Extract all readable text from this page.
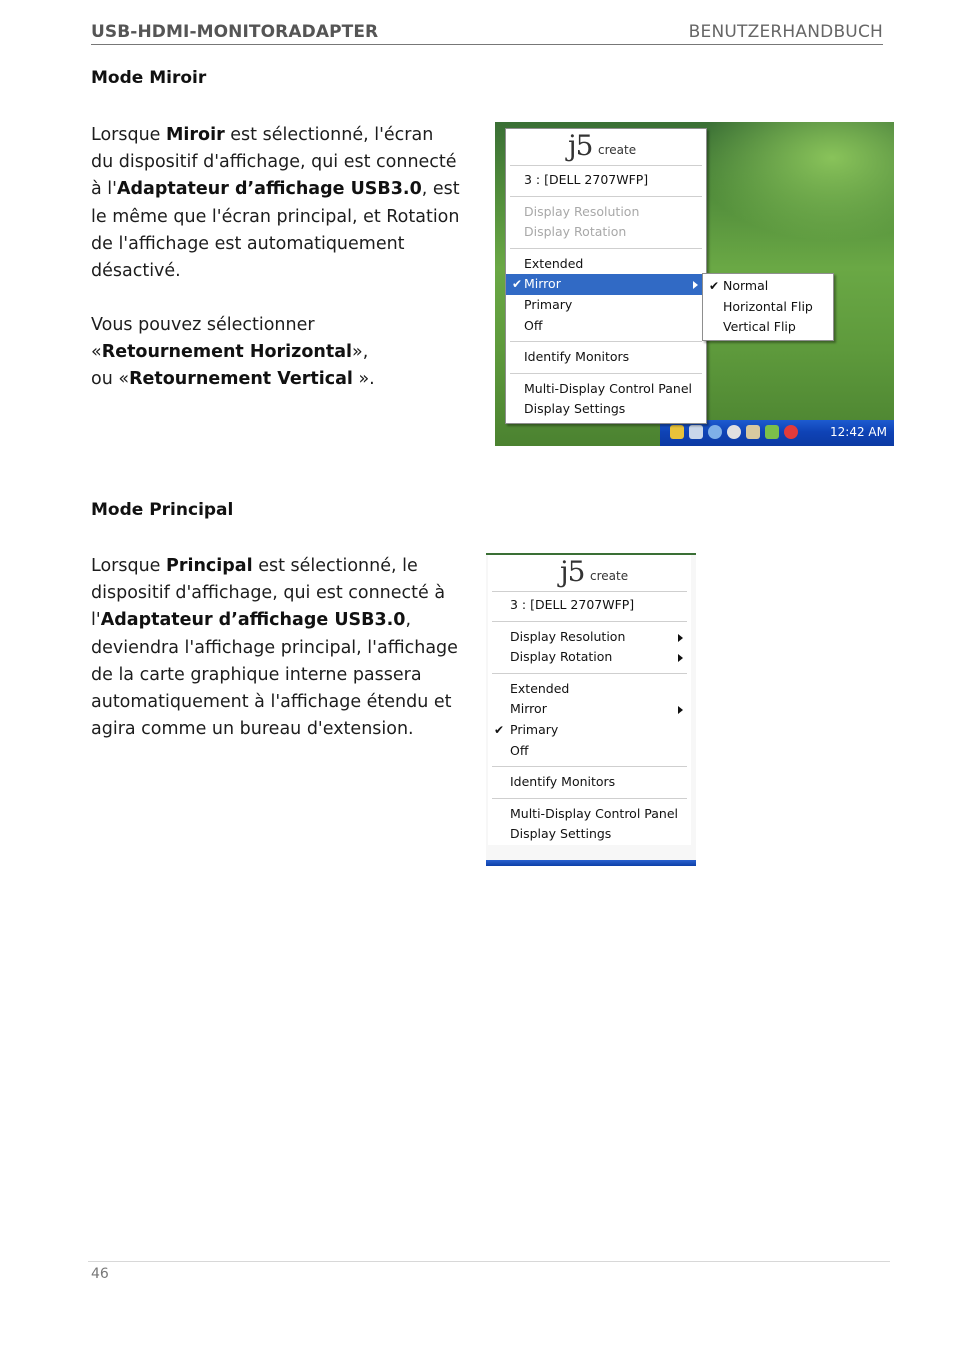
USB-HDMI-MONITORADAPTER	BENUTZERHANDBUCH
Mode Miroir

Lorsque Miroir est sélectionné, l'écran du dispositif d'affichage, qui est connecté à l'Adaptateur d’affichage USB3.0, est le même que l'écran principal, et Rotation de l'affichage est automatiquement désactivé.

Vous pouvez sélectionner «Retournement Horizontal», ou «Retournement Vertical ».

12:42 AM
j5 create
3 : [DELL 2707WFP]
Display Resolution
Display Rotation
Extended
✔ Mirror
Primary
Off
Identify Monitors
Multi-Display Control Panel
Display Settings
✔ Normal
Horizontal Flip
Vertical Flip
Mode Principal

Lorsque Principal est sélectionné, le dispositif d'affichage, qui est connecté à l'Adaptateur d’affichage USB3.0, deviendra l'affichage principal, l'affichage de la carte graphique interne passera automatiquement à l'affichage étendu et agira comme un bureau d'extension.

j5 create
3 : [DELL 2707WFP]
Display Resolution
Display Rotation
Extended
Mirror
✔ Primary
Off
Identify Monitors
Multi-Display Control Panel
Display Settings
46
